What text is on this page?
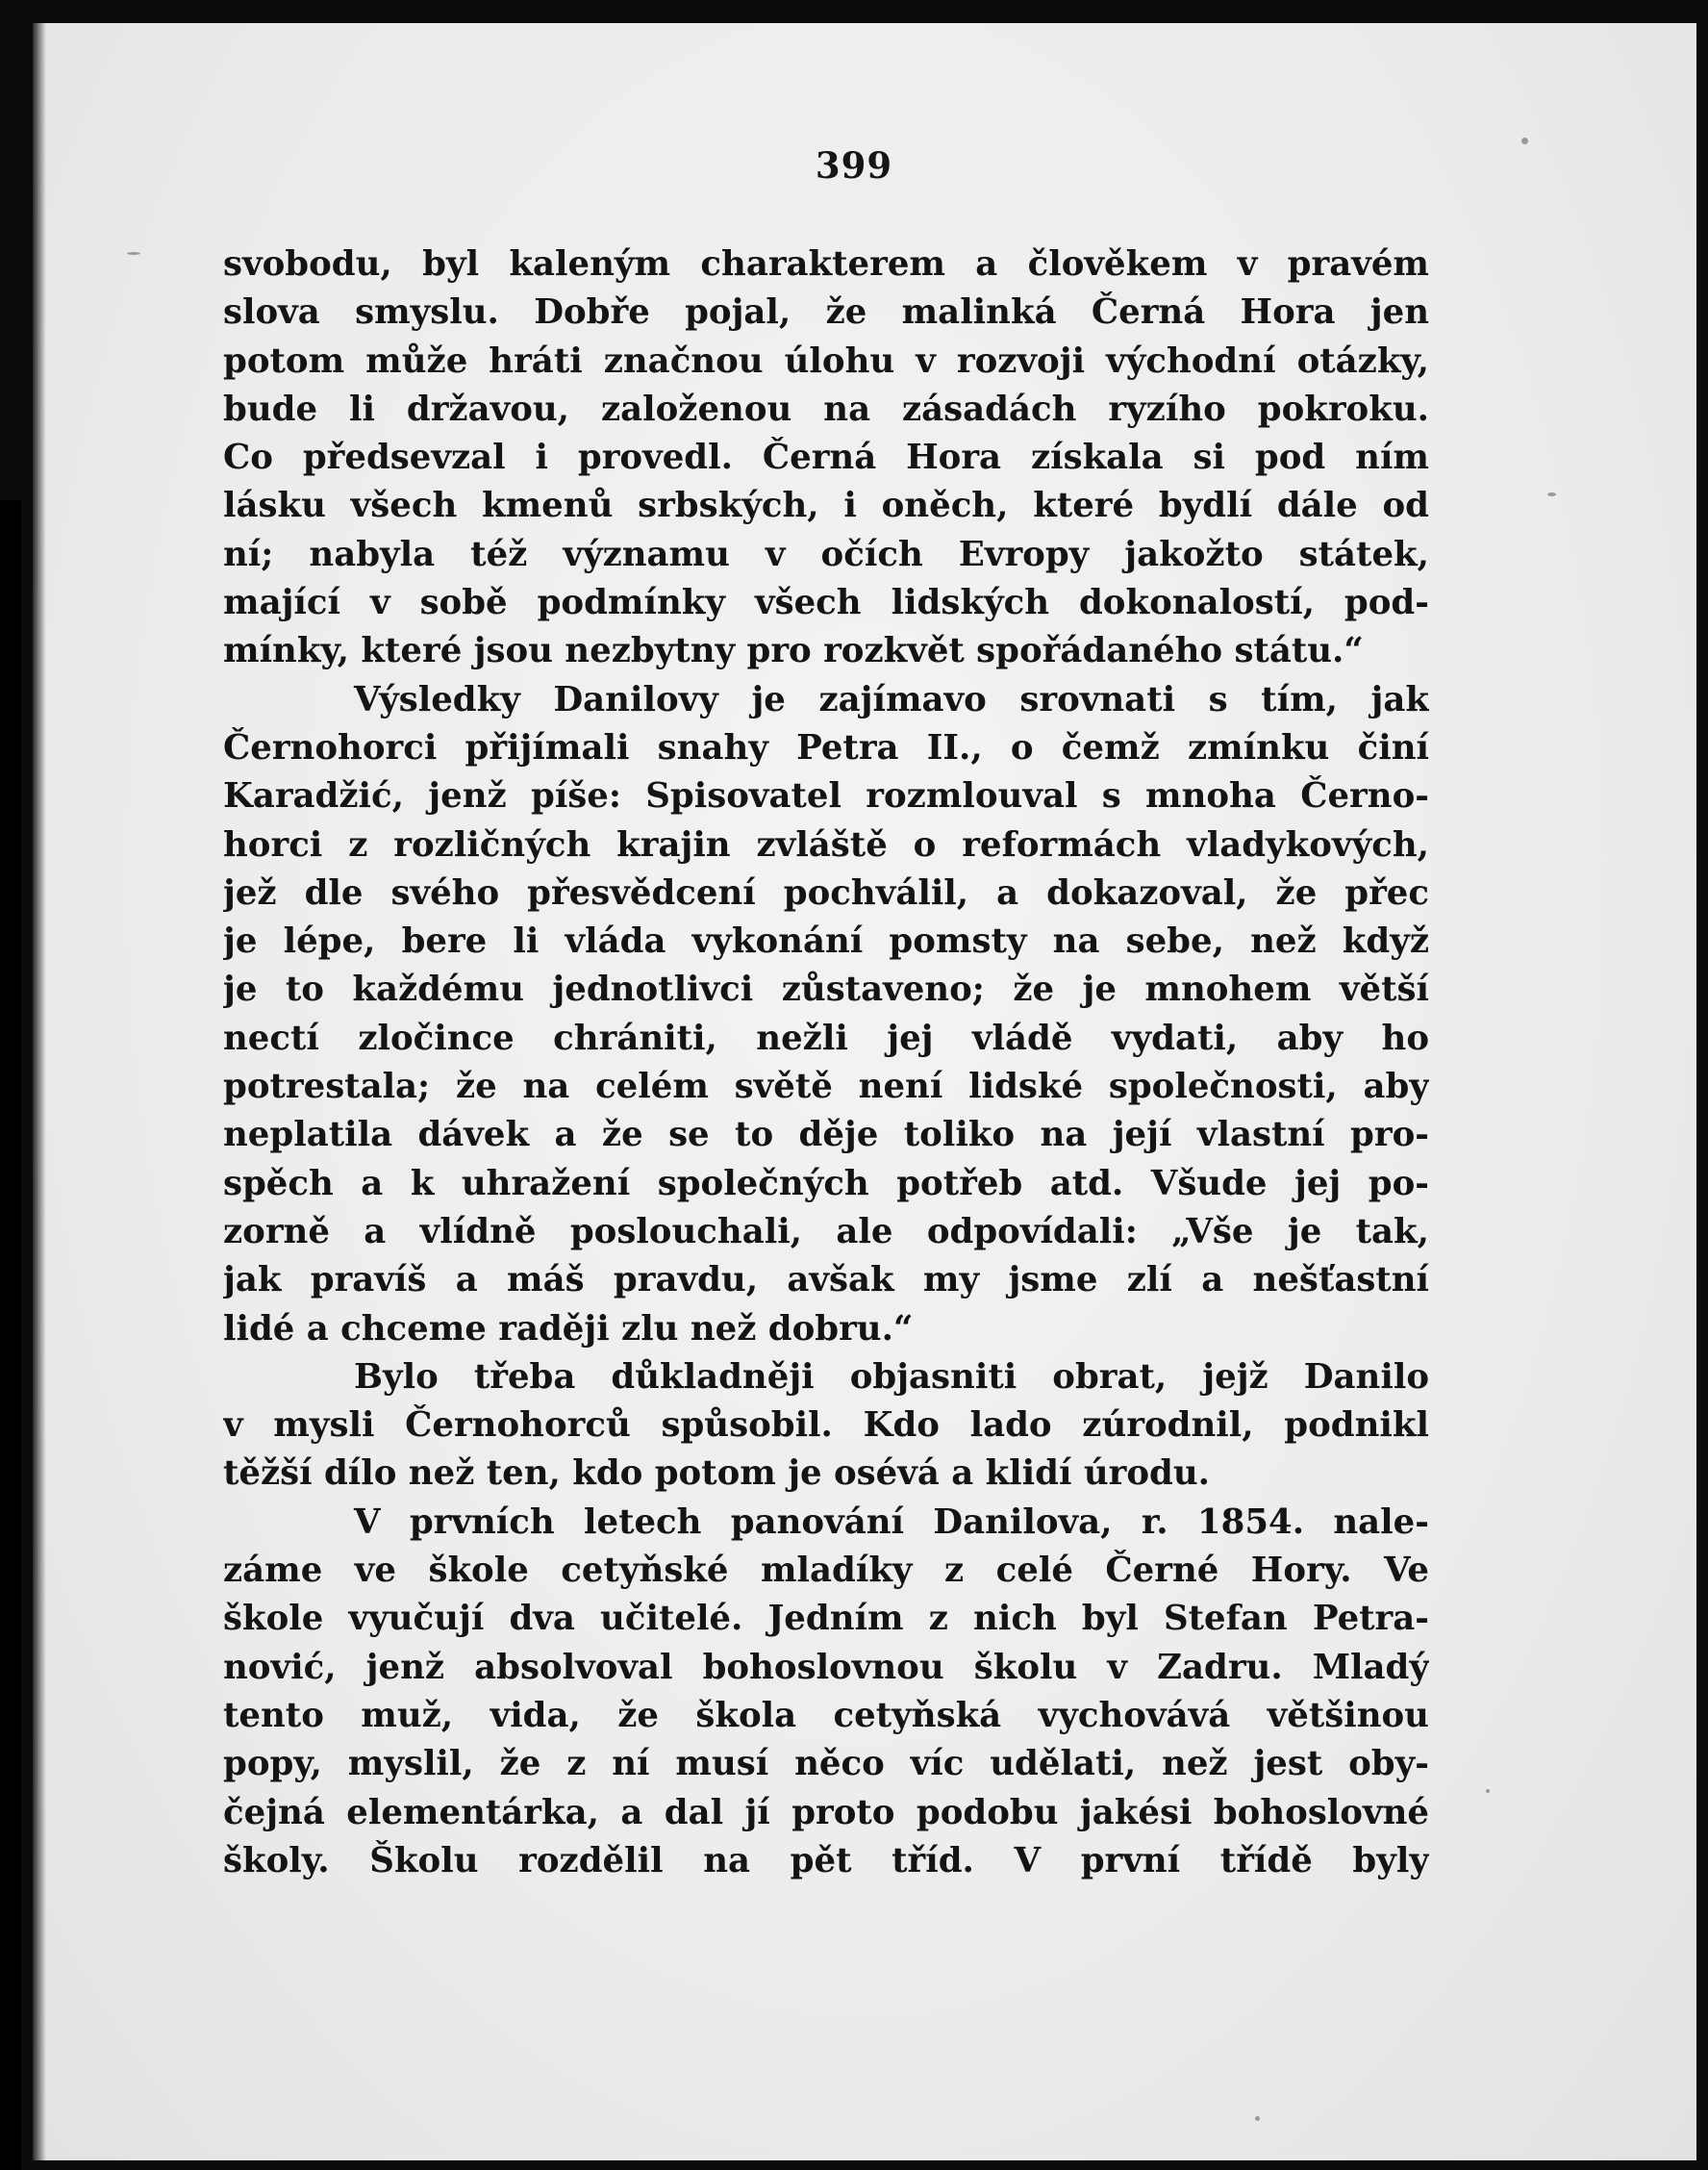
399
svobodu, byl kaleným charakterem a člověkem v pravém
slova smyslu. Dobře pojal, že malinká Černá Hora jen
potom může hráti značnou úlohu v rozvoji východní otázky,
bude li državou, založenou na zásadách ryzího pokroku.
Co předsevzal i provedl. Černá Hora získala si pod ním
lásku všech kmenů srbských, i oněch, které bydlí dále od
ní; nabyla též významu v očích Evropy jakožto státek,
mající v sobě podmínky všech lidských dokonalostí, pod-
mínky, které jsou nezbytny pro rozkvět spořádaného státu.“
Výsledky Danilovy je zajímavo srovnati s tím, jak
Černohorci přijímali snahy Petra II., o čemž zmínku činí
Karadžić, jenž píše: Spisovatel rozmlouval s mnoha Černo-
horci z rozličných krajin zvláště o reformách vladykových,
jež dle svého přesvědcení pochválil, a dokazoval, že přec
je lépe, bere li vláda vykonání pomsty na sebe, než když
je to každému jednotlivci zůstaveno; že je mnohem větší
nectí zločince chrániti, nežli jej vládě vydati, aby ho
potrestala; že na celém světě není lidské společnosti, aby
neplatila dávek a že se to děje toliko na její vlastní pro-
spěch a k uhražení společných potřeb atd. Všude jej po-
zorně a vlídně poslouchali, ale odpovídali: „Vše je tak,
jak pravíš a máš pravdu, avšak my jsme zlí a nešťastní
lidé a chceme raději zlu než dobru.“
Bylo třeba důkladněji objasniti obrat, jejž Danilo
v mysli Černohorců spůsobil. Kdo lado zúrodnil, podnikl
těžší dílo než ten, kdo potom je osévá a klidí úrodu.
V prvních letech panování Danilova, r. 1854. nale-
záme ve škole cetyňské mladíky z celé Černé Hory. Ve
škole vyučují dva učitelé. Jedním z nich byl Stefan Petra-
nović, jenž absolvoval bohoslovnou školu v Zadru. Mladý
tento muž, vida, že škola cetyňská vychovává většinou
popy, myslil, že z ní musí něco víc udělati, než jest oby-
čejná elementárka, a dal jí proto podobu jakési bohoslovné
školy. Školu rozdělil na pět tříd. V první třídě byly
